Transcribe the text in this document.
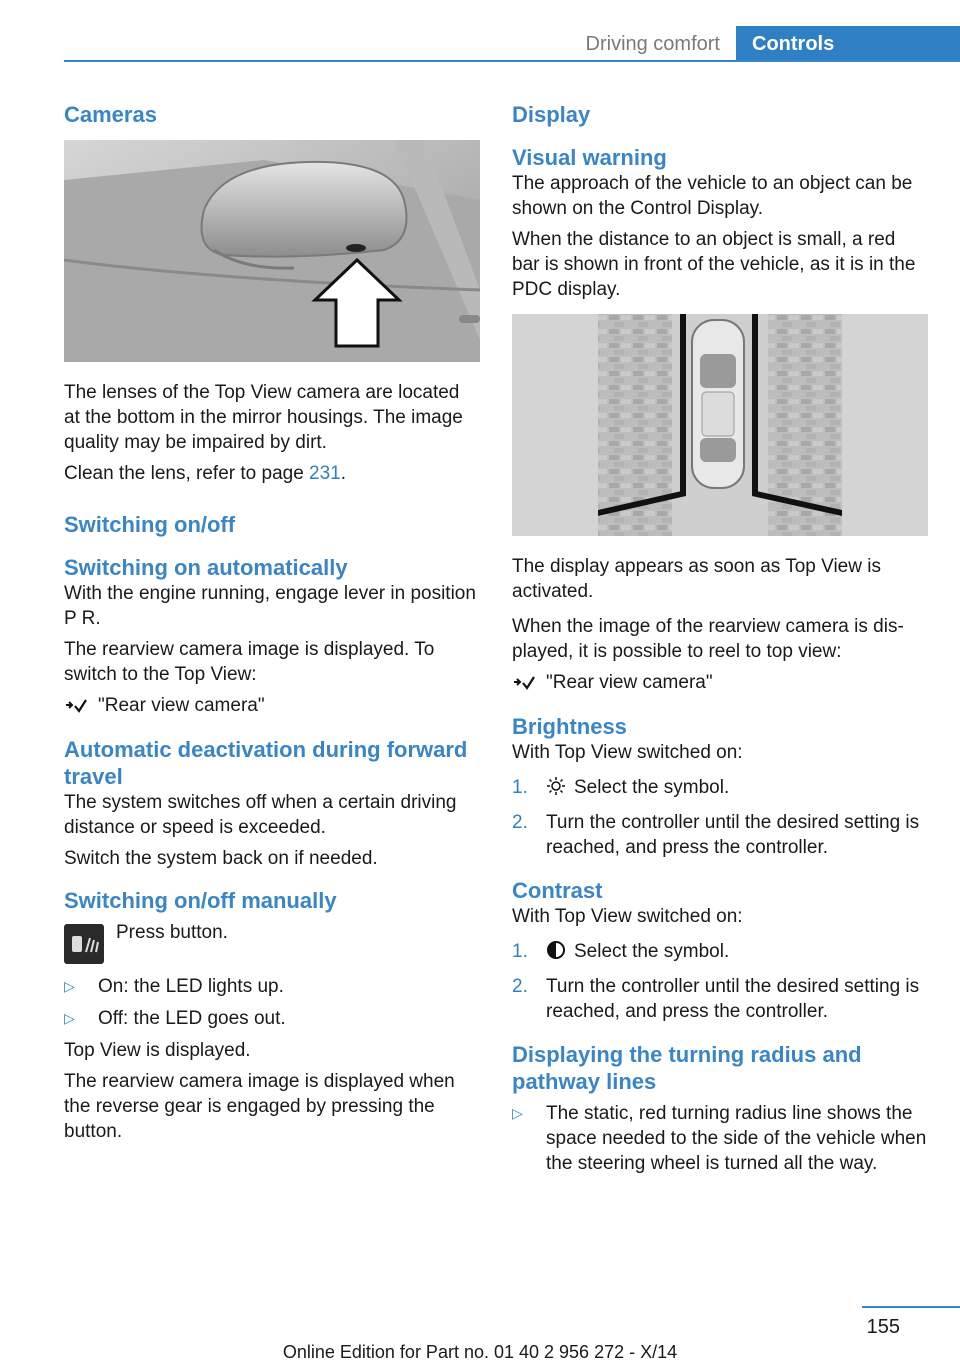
Driving comfort	Controls
Cameras

The lenses of the Top View camera are located at the bottom in the mirror housings. The image quality may be impaired by dirt.

Clean the lens, refer to page 231.

Switching on/off
Switching on automatically

With the engine running, engage lever in position P R.

The rearview camera image is displayed. To switch to the Top View:

"Rear view camera"
Automatic deactivation during forward travel

The system switches off when a certain driving distance or speed is exceeded.

Switch the system back on if needed.

Switching on/off manually

Press button.

▷ On: the LED lights up.
▷ Off: the LED goes out.

Top View is displayed.

The rearview camera image is displayed when the reverse gear is engaged by pressing the button.

Display
Visual warning

The approach of the vehicle to an object can be shown on the Control Display.

When the distance to an object is small, a red bar is shown in front of the vehicle, as it is in the PDC display.

The display appears as soon as Top View is activated.

When the image of the rearview camera is displayed, it is possible to reel to top view:

"Rear view camera"
Brightness

With Top View switched on:

1. Select the symbol.
2. Turn the controller until the desired setting is reached, and press the controller.
Contrast

With Top View switched on:

1. Select the symbol.
2. Turn the controller until the desired setting is reached, and press the controller.
Displaying the turning radius and pathway lines
▷ The static, red turning radius line shows the space needed to the side of the vehicle when the steering wheel is turned all the way.
155
Online Edition for Part no. 01 40 2 956 272 - X/14
